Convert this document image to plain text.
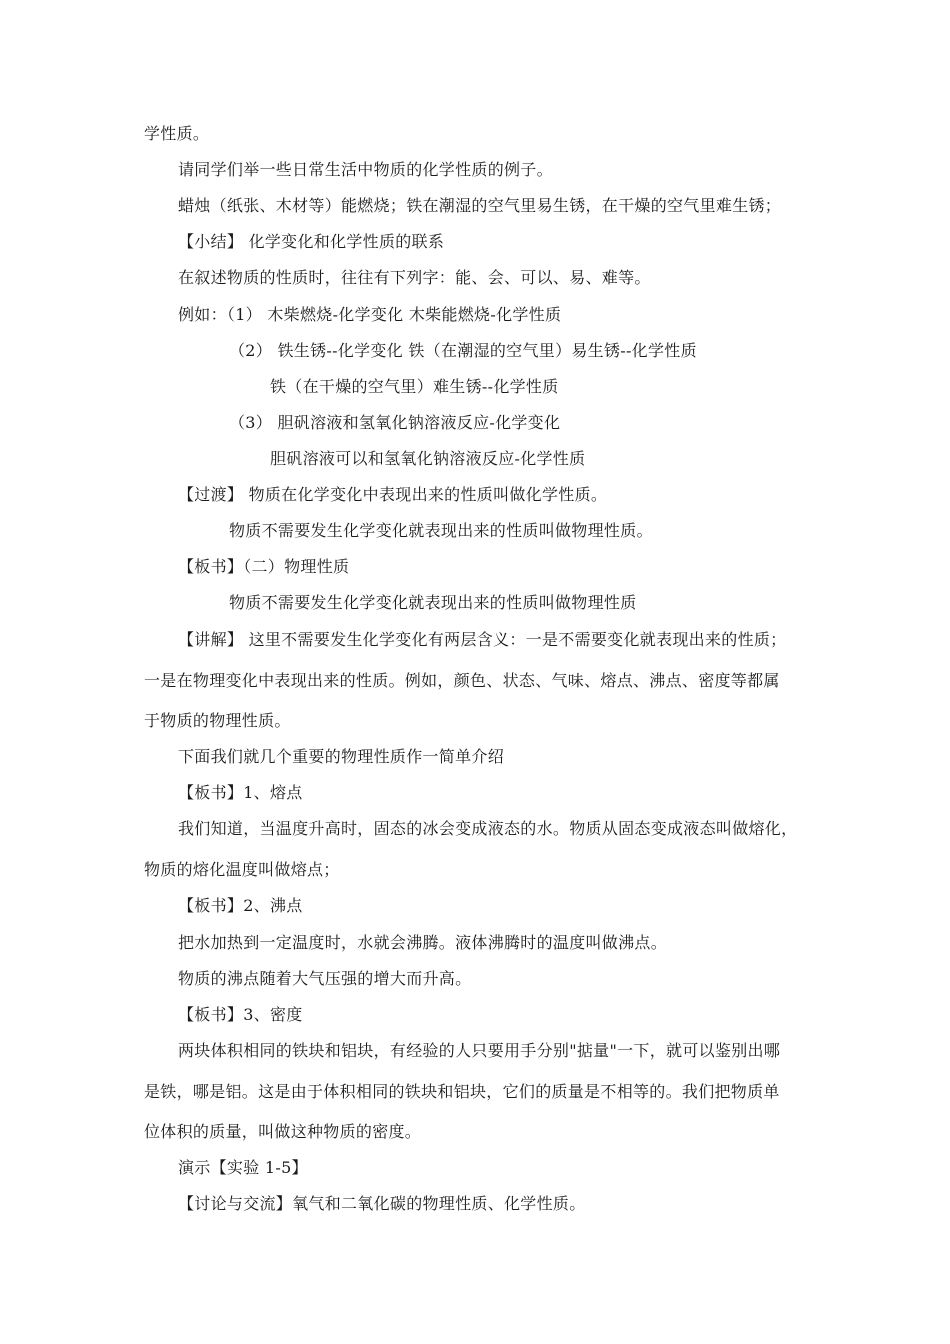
学性质。
请同学们举一些日常生活中物质的化学性质的例子。
蜡烛（纸张、木材等）能燃烧；铁在潮湿的空气里易生锈，在干燥的空气里难生锈；
【小结】 化学变化和化学性质的联系
在叙述物质的性质时，往往有下列字：能、会、可以、易、难等。
例如：（1） 木柴燃烧-化学变化 木柴能燃烧-化学性质
（2） 铁生锈--化学变化 铁（在潮湿的空气里）易生锈--化学性质
铁（在干燥的空气里）难生锈--化学性质
（3） 胆矾溶液和氢氧化钠溶液反应-化学变化
胆矾溶液可以和氢氧化钠溶液反应-化学性质
【过渡】 物质在化学变化中表现出来的性质叫做化学性质。
物质不需要发生化学变化就表现出来的性质叫做物理性质。
【板书】（二）物理性质
物质不需要发生化学变化就表现出来的性质叫做物理性质
【讲解】 这里不需要发生化学变化有两层含义：一是不需要变化就表现出来的性质；
一是在物理变化中表现出来的性质。例如，颜色、状态、气味、熔点、沸点、密度等都属
于物质的物理性质。
下面我们就几个重要的物理性质作一简单介绍
【板书】1、熔点
我们知道，当温度升高时，固态的冰会变成液态的水。物质从固态变成液态叫做熔化，
物质的熔化温度叫做熔点；
【板书】2、沸点
把水加热到一定温度时，水就会沸腾。液体沸腾时的温度叫做沸点。
物质的沸点随着大气压强的增大而升高。
【板书】3、密度
两块体积相同的铁块和铝块，有经验的人只要用手分别"掂量"一下，就可以鉴别出哪
是铁，哪是铝。这是由于体积相同的铁块和铝块，它们的质量是不相等的。我们把物质单
位体积的质量，叫做这种物质的密度。
演示【实验 1-5】
【讨论与交流】氧气和二氧化碳的物理性质、化学性质。
